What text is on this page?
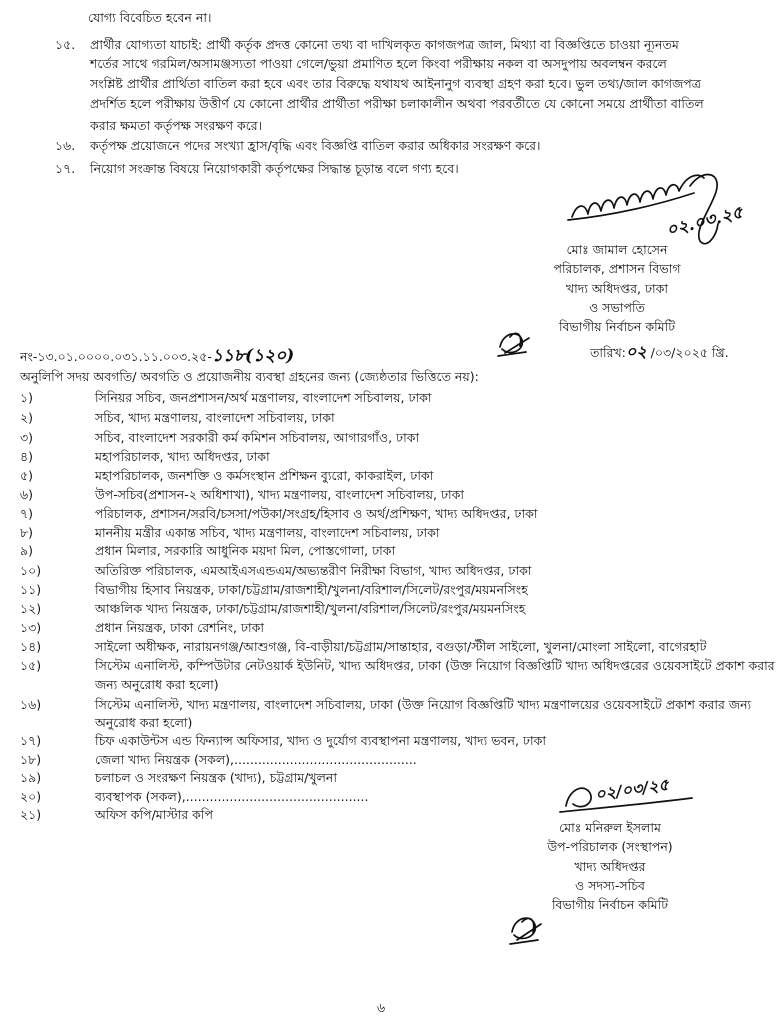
যোগ্য বিবেচিত হবেন না।
১৫. প্রার্থীর যোগ্যতা যাচাই: প্রার্থী কর্তৃক প্রদত্ত কোনো তথ্য বা দাখিলকৃত কাগজপত্র জাল, মিথ্যা বা বিজ্ঞপ্তিতে চাওয়া ন্যূনতম
শর্তের সাথে গরমিল/অসামঞ্জস্যতা পাওয়া গেলে/ভুয়া প্রমাণিত হলে কিংবা পরীক্ষায় নকল বা অসদুপায় অবলম্বন করলে
সংশ্লিষ্ট প্রার্থীর প্রার্থিতা বাতিল করা হবে এবং তার বিরুদ্ধে যথাযথ আইনানুগ ব্যবস্থা গ্রহণ করা হবে। ভুল তথ্য/জাল কাগজপত্র
প্রদর্শিত হলে পরীক্ষায় উত্তীর্ণ যে কোনো প্রার্থীর প্রার্থীতা পরীক্ষা চলাকালীন অথবা পরবর্তীতে যে কোনো সময়ে প্রার্থীতা বাতিল
করার ক্ষমতা কর্তৃপক্ষ সংরক্ষণ করে।
১৬. কর্তৃপক্ষ প্রয়োজনে পদের সংখ্যা হ্রাস/বৃদ্ধি এবং বিজ্ঞপ্তি বাতিল করার অধিকার সংরক্ষণ করে।
১৭. নিয়োগ সংক্রান্ত বিষয়ে নিয়োগকারী কর্তৃপক্ষের সিদ্ধান্ত চূড়ান্ত বলে গণ্য হবে।
মোঃ জামাল হোসেন
পরিচালক, প্রশাসন বিভাগ
খাদ্য অধিদপ্তর, ঢাকা
ও সভাপতি
বিভাগীয় নির্বাচন কমিটি
নং-১৩.০১.০০০০.০৩১.১১.০০৩.২৫-১১৮(১২০)	তারিখ:০২ /০৩/২০২৫ খ্রি.
অনুলিপি সদয় অবগতি/ অবগতি ও প্রয়োজনীয় ব্যবস্থা গ্রহনের জন্য (জ্যেষ্ঠতার ভিত্তিতে নয়):
১)	সিনিয়র সচিব, জনপ্রশাসন/অর্থ মন্ত্রণালয়, বাংলাদেশ সচিবালয়, ঢাকা
২)	সচিব, খাদ্য মন্ত্রণালয়, বাংলাদেশ সচিবালয়, ঢাকা
৩)	সচিব, বাংলাদেশ সরকারী কর্ম কমিশন সচিবালয়, আগারগাঁও, ঢাকা
৪)	মহাপরিচালক, খাদ্য অধিদপ্তর, ঢাকা
৫)	মহাপরিচালক, জনশক্তি ও কর্মসংস্থান প্রশিক্ষন ব্যুরো, কাকরাইল, ঢাকা
৬)	উপ-সচিব(প্রশাসন-২ অধিশাখা), খাদ্য মন্ত্রণালয়, বাংলাদেশ সচিবালয়, ঢাকা
৭)	পরিচালক, প্রশাসন/সরবি/চসসা/পউকা/সংগ্রহ/হিসাব ও অর্থ/প্রশিক্ষণ, খাদ্য অধিদপ্তর, ঢাকা
৮)	মাননীয় মন্ত্রীর একান্ত সচিব, খাদ্য মন্ত্রণালয়, বাংলাদেশ সচিবালয়, ঢাকা
৯)	প্রধান মিলার, সরকারি আধুনিক ময়দা মিল, পোস্তগোলা, ঢাকা
১০)	অতিরিক্ত পরিচালক, এমআইএসএন্ডএম/অভ্যন্তরীণ নিরীক্ষা বিভাগ, খাদ্য অধিদপ্তর, ঢাকা
১১)	বিভাগীয় হিসাব নিয়ন্ত্রক, ঢাকা/চট্টগ্রাম/রাজশাহী/খুলনা/বরিশাল/সিলেট/রংপুর/ময়মনসিংহ
১২)	আঞ্চলিক খাদ্য নিয়ন্ত্রক, ঢাকা/চট্টগ্রাম/রাজশাহী/খুলনা/বরিশাল/সিলেট/রংপুর/ময়মনসিংহ
১৩)	প্রধান নিয়ন্ত্রক, ঢাকা রেশনিং, ঢাকা
১৪)	সাইলো অধীক্ষক, নারায়নগঞ্জ/আশুগঞ্জ, বি-বাড়ীয়া/চট্টগ্রাম/সান্তাহার, বগুড়া/স্টীল সাইলো, খুলনা/মোংলা সাইলো, বাগেরহাট
১৫)	সিস্টেম এনালিস্ট, কম্পিউটার নেটওয়ার্ক ইউনিট, খাদ্য অধিদপ্তর, ঢাকা (উক্ত নিয়োগ বিজ্ঞপ্তিটি খাদ্য অধিদপ্তরের ওয়েবসাইটে প্রকাশ করার
জন্য অনুরোধ করা হলো)
১৬)	সিস্টেম এনালিস্ট, খাদ্য মন্ত্রণালয়, বাংলাদেশ সচিবালয়, ঢাকা (উক্ত নিয়োগ বিজ্ঞপ্তিটি খাদ্য মন্ত্রণালয়ের ওয়েবসাইটে প্রকাশ করার জন্য
অনুরোধ করা হলো)
১৭)	চিফ একাউন্টস এন্ড ফিন্যান্স অফিসার, খাদ্য ও দুর্যোগ ব্যবস্থাপনা মন্ত্রণালয়, খাদ্য ভবন, ঢাকা
১৮)	জেলা খাদ্য নিয়ন্ত্রক (সকল),..............................................
১৯)	চলাচল ও সংরক্ষণ নিয়ন্ত্রক (খাদ্য), চট্টগ্রাম/খুলনা
২০)	ব্যবস্থাপক (সকল),..............................................
২১)	অফিস কপি/মাস্টার কপি
মোঃ মনিরুল ইসলাম
উপ-পরিচালক (সংস্থাপন)
খাদ্য অধিদপ্তর
ও সদস্য-সচিব
বিভাগীয় নির্বাচন কমিটি
৬
০২.০৩.২৫
০২/০৩/২৫
